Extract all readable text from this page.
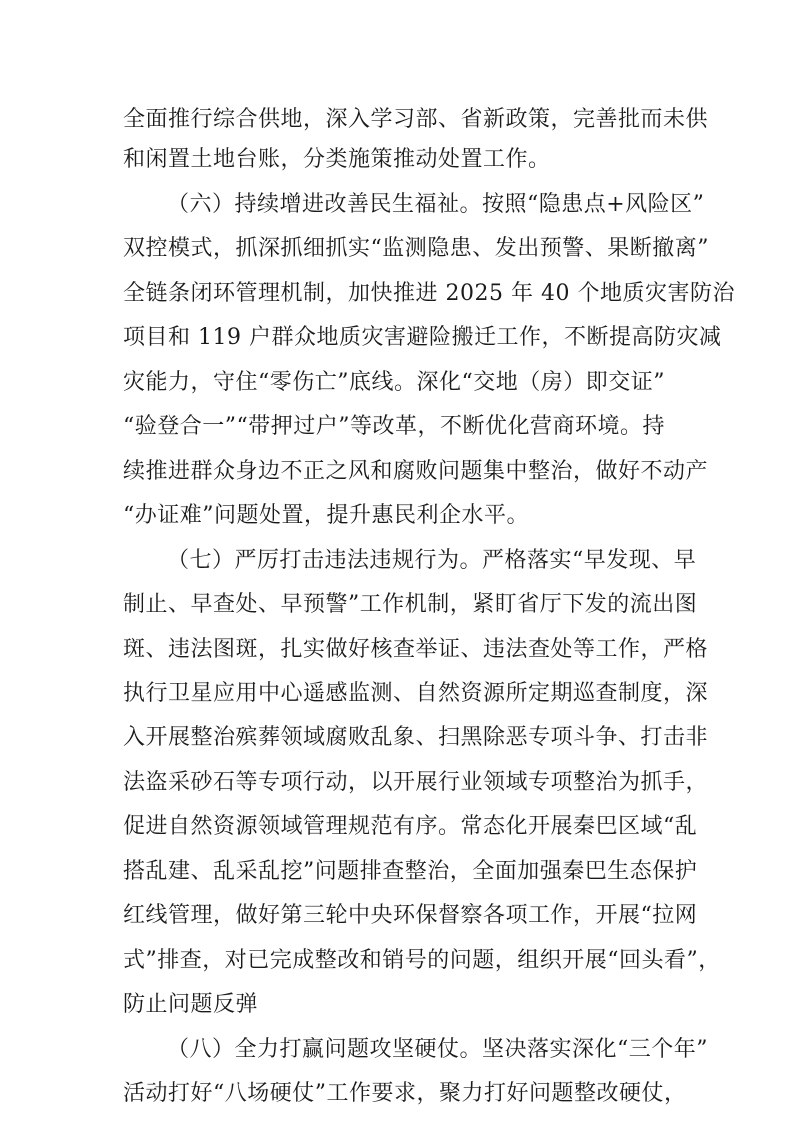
全面推行综合供地，深入学习部、省新政策，完善批而未供
和闲置土地台账，分类施策推动处置工作。
（六）持续增进改善民生福祉。按照“隐患点+风险区”
双控模式，抓深抓细抓实“监测隐患、发出预警、果断撤离”
全链条闭环管理机制，加快推进 2025 年 40 个地质灾害防治
项目和 119 户群众地质灾害避险搬迁工作，不断提高防灾减
灾能力，守住“零伤亡”底线。深化“交地（房）即交证”
“验登合一”“带押过户”等改革，不断优化营商环境。持
续推进群众身边不正之风和腐败问题集中整治，做好不动产
“办证难”问题处置，提升惠民利企水平。
（七）严厉打击违法违规行为。严格落实“早发现、早
制止、早查处、早预警”工作机制，紧盯省厅下发的流出图
斑、违法图斑，扎实做好核查举证、违法查处等工作，严格
执行卫星应用中心遥感监测、自然资源所定期巡查制度，深
入开展整治殡葬领域腐败乱象、扫黑除恶专项斗争、打击非
法盗采砂石等专项行动，以开展行业领域专项整治为抓手，
促进自然资源领域管理规范有序。常态化开展秦巴区域“乱
搭乱建、乱采乱挖”问题排查整治，全面加强秦巴生态保护
红线管理，做好第三轮中央环保督察各项工作，开展“拉网
式”排查，对已完成整改和销号的问题，组织开展“回头看”，
防止问题反弹
（八）全力打赢问题攻坚硬仗。坚决落实深化“三个年”
活动打好“八场硬仗”工作要求，聚力打好问题整改硬仗，
